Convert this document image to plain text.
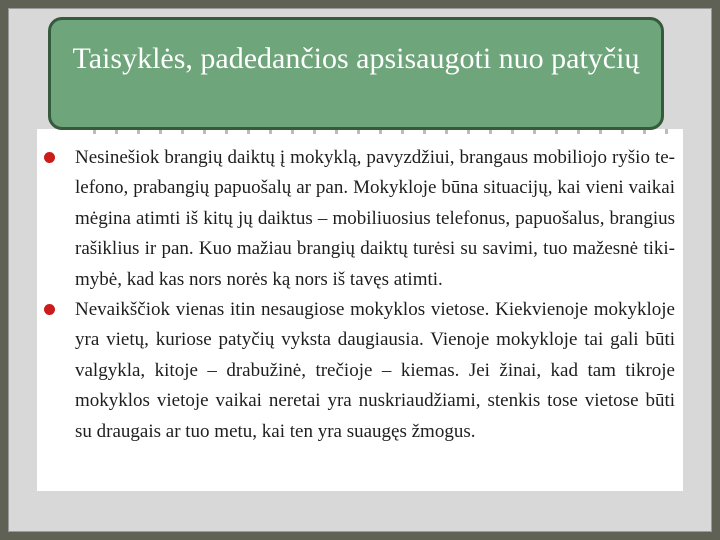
Taisyklės, padedančios apsisaugoti nuo patyčių
Nesinešiok brangių daiktų į mokyklą, pavyzdžiui, brangaus mobiliojo ryšio telefono, prabangių papuošalų ar pan. Mokykloje būna situacijų, kai vieni vaikai mėgina atimti iš kitų jų daiktus – mobiliuosius telefonus, papuošalus, brangius rašiklius ir pan. Kuo mažiau brangių daiktų turėsi su savimi, tuo mažesnė tikimybė, kad kas nors norės ką nors iš tavęs atimti.
Nevaikščiok vienas itin nesaugiose mokyklos vietose. Kiekvienoje mokykloje yra vietų, kuriose patyčių vyksta daugiausia. Vienoje mokykloje tai gali būti valgykla, kitoje – drabužinė, trečioje – kiemas. Jei žinai, kad tam tikroje mokyklos vietoje vaikai neretai yra nuskriaudžiami, stenkis tose vietose būti su draugais ar tuo metu, kai ten yra suaugęs žmogus.
